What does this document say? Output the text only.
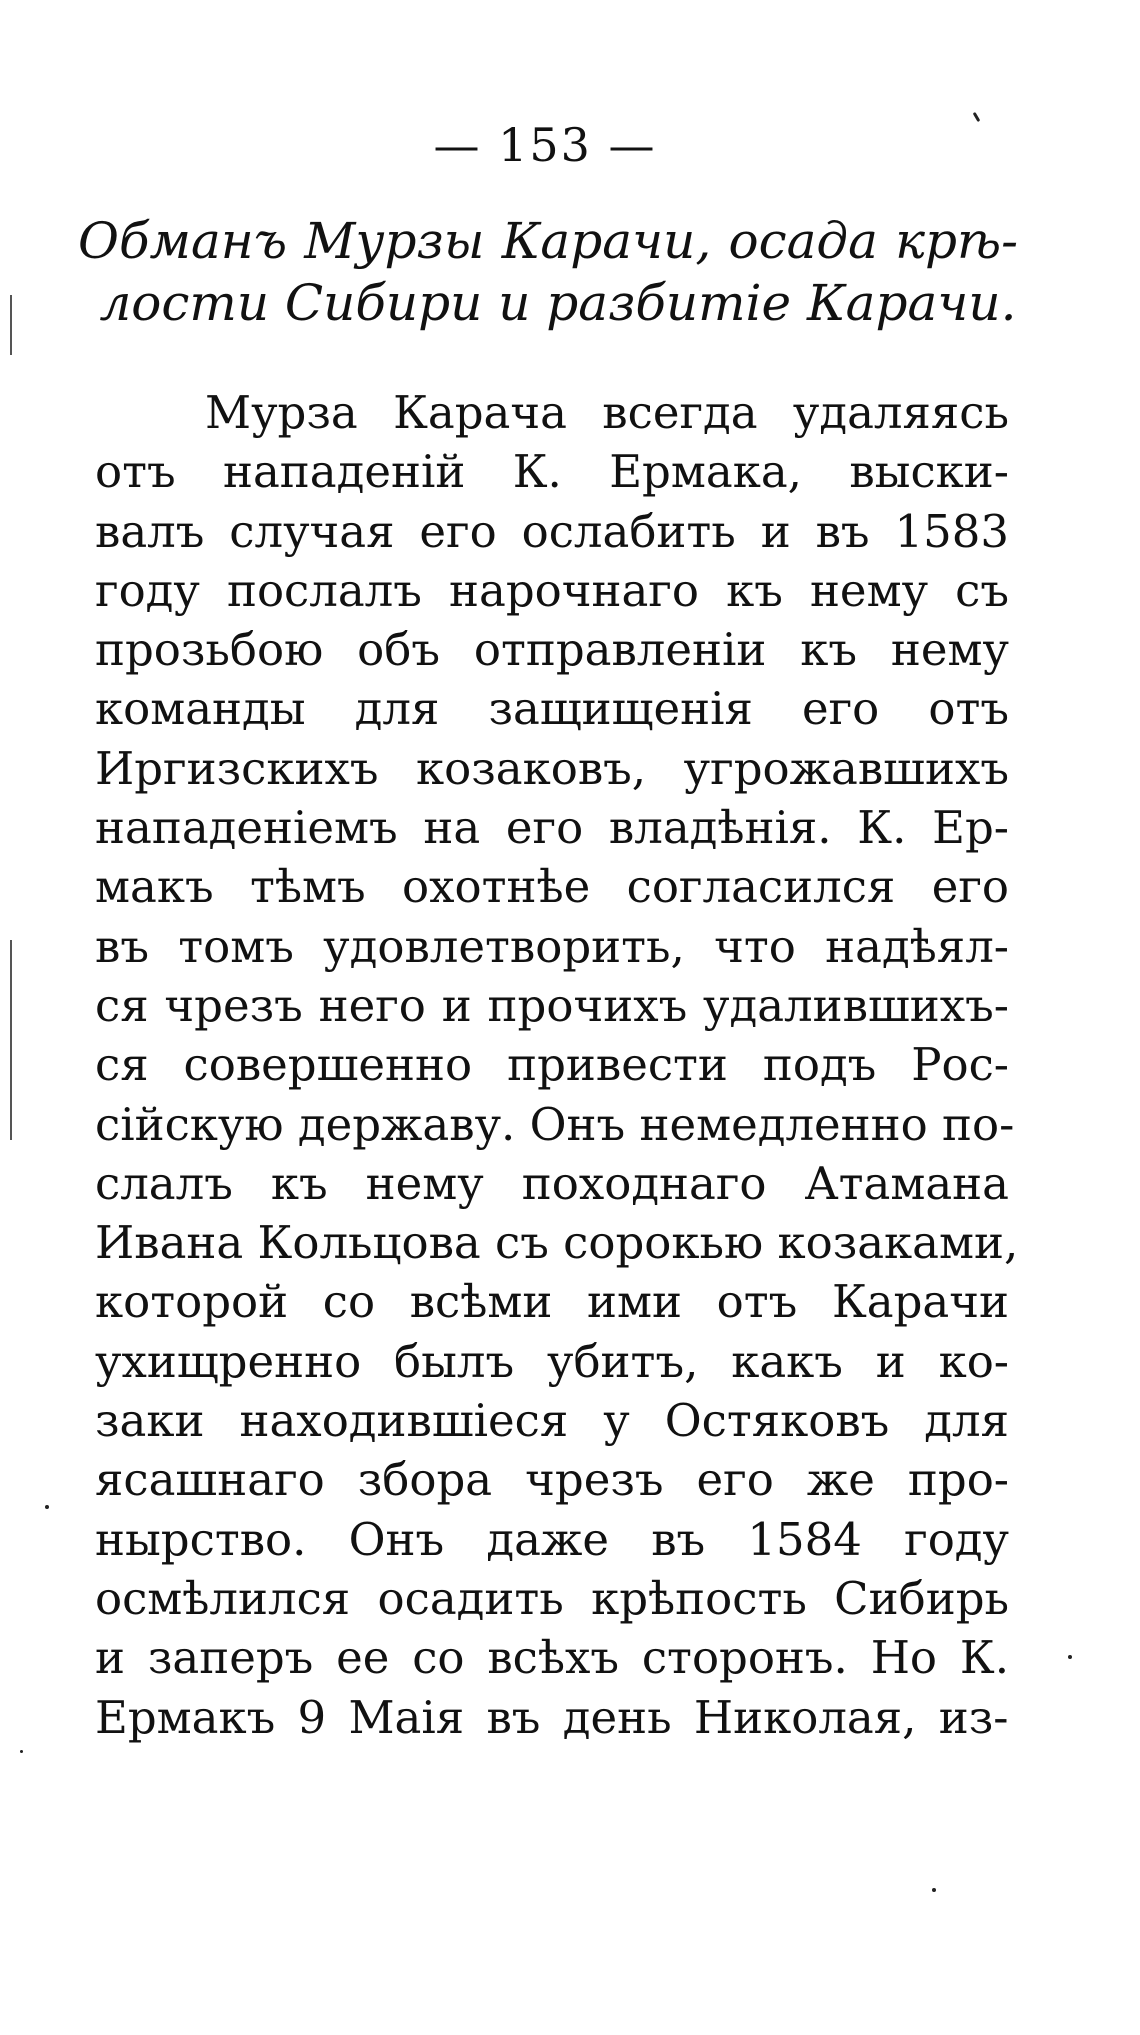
— 153 —
Обманъ Мурзы Карачи, осада крѣ-
лости Сибири и разбитіе Карачи.
Мурза Карача всегда удаляясь
отъ нападеній К. Ермака, выски-
валъ случая его ослабить и въ 1583
году послалъ нарочнаго къ нему съ
прозьбою объ отправленіи къ нему
команды для защищенія его отъ
Иргизскихъ козаковъ, угрожавшихъ
нападеніемъ на его владѣнія. К. Ер-
макъ тѣмъ охотнѣе согласился его
въ томъ удовлетворить, что надѣял-
ся чрезъ него и прочихъ удалившихъ-
ся совершенно привести подъ Рос-
сійскую державу. Онъ немедленно по-
слалъ къ нему походнаго Атамана
Ивана Кольцова съ сорокью козаками,
которой со всѣми ими отъ Карачи
ухищренно былъ убитъ, какъ и ко-
заки находившіеся у Остяковъ для
ясашнаго збора чрезъ его же про-
нырство. Онъ даже въ 1584 году
осмѣлился осадить крѣпость Сибирь
и заперъ ее со всѣхъ сторонъ. Но К.
Ермакъ 9 Маія въ день Николая, из-
